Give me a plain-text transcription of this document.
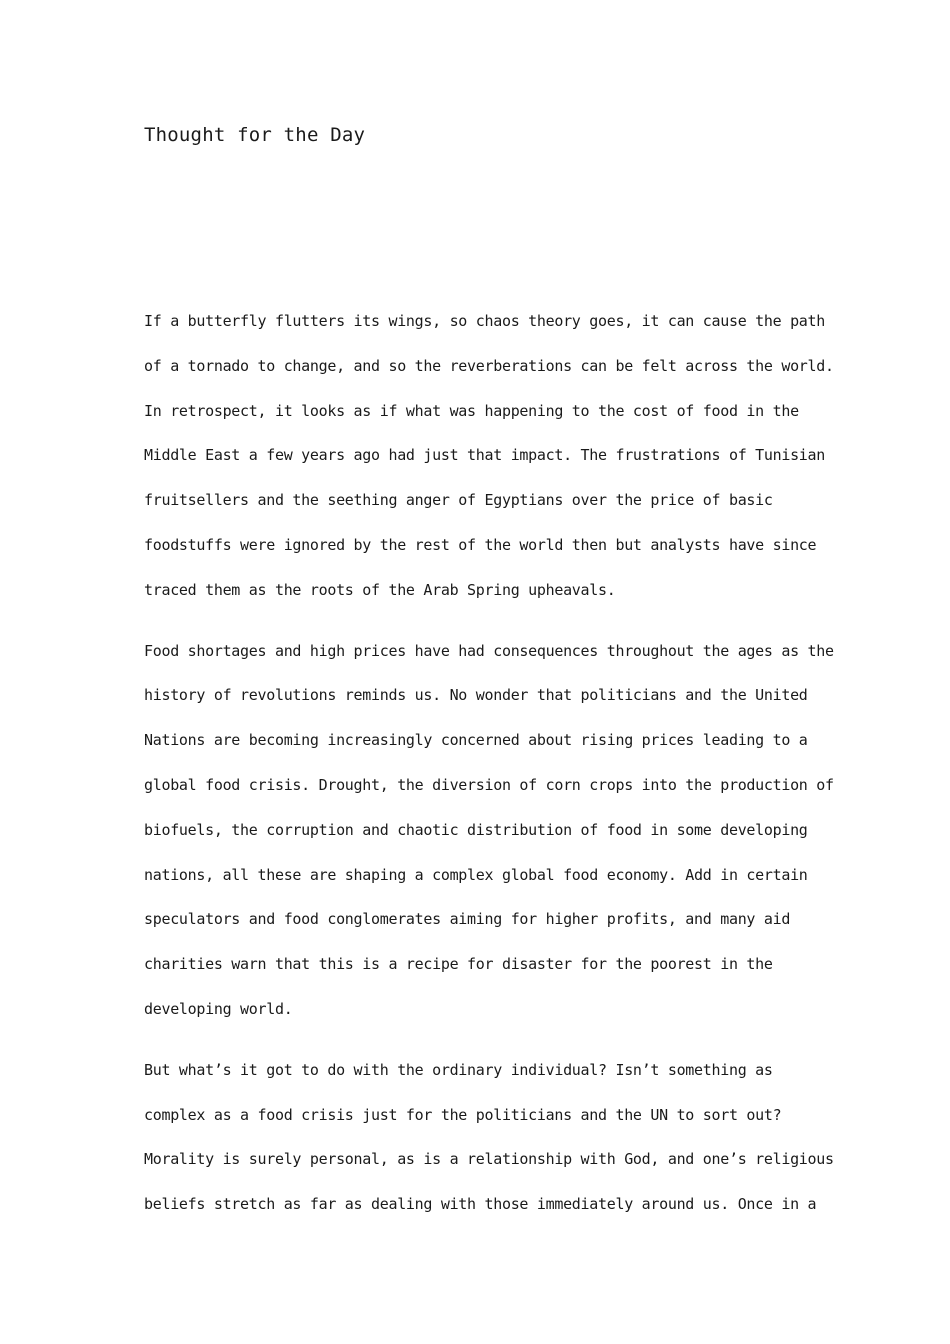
Thought for the Day
If a butterfly flutters its wings, so chaos theory goes, it can cause the path
of a tornado to change, and so the reverberations can be felt across the world.
In retrospect, it looks as if what was happening to the cost of food in the
Middle East a few years ago had just that impact. The frustrations of Tunisian
fruitsellers and the seething anger of Egyptians over the price of basic
foodstuffs were ignored by the rest of the world then but analysts have since
traced them as the roots of the Arab Spring upheavals.
Food shortages and high prices have had consequences throughout the ages as the
history of revolutions reminds us. No wonder that politicians and the United
Nations are becoming increasingly concerned about rising prices leading to a
global food crisis. Drought, the diversion of corn crops into the production of
biofuels, the corruption and chaotic distribution of food in some developing
nations, all these are shaping a complex global food economy. Add in certain
speculators and food conglomerates aiming for higher profits, and many aid
charities warn that this is a recipe for disaster for the poorest in the
developing world.
But what’s it got to do with the ordinary individual? Isn’t something as
complex as a food crisis just for the politicians and the UN to sort out?
Morality is surely personal, as is a relationship with God, and one’s religious
beliefs stretch as far as dealing with those immediately around us. Once in a
